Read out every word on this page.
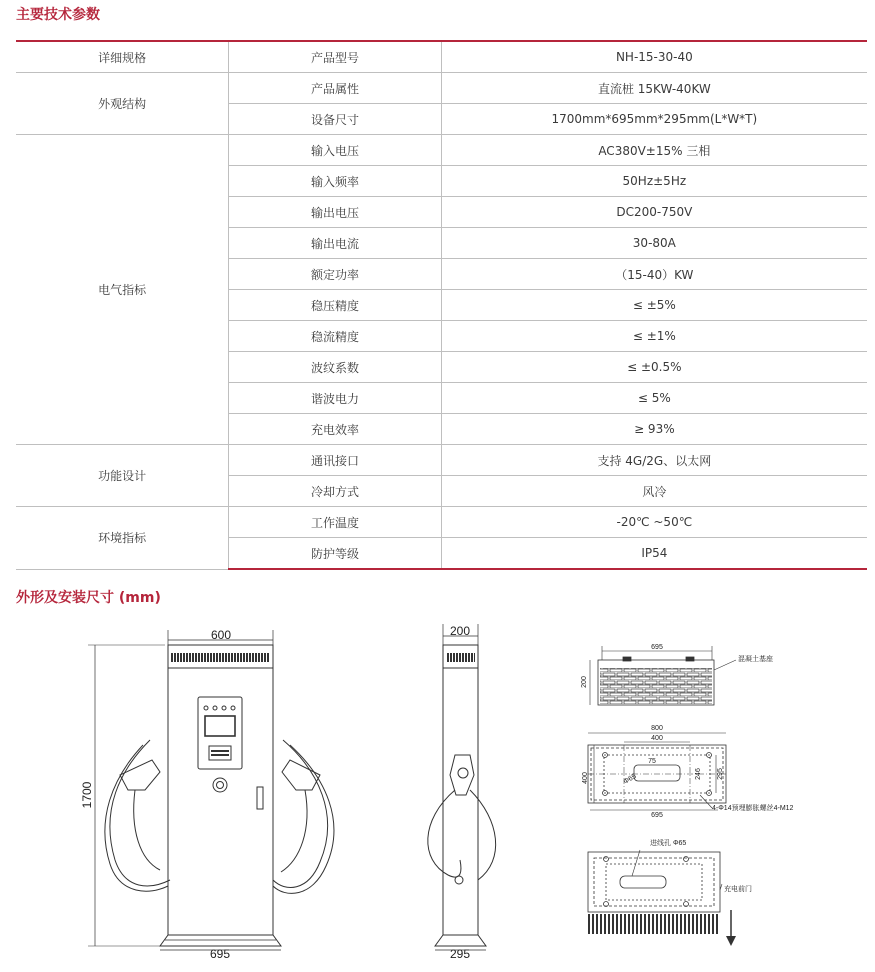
主要技术参数
详细规格	产品型号	NH-15-30-40
外观结构	产品属性	直流桩 15KW-40KW
	设备尺寸	1700mm*695mm*295mm(L*W*T)
电气指标	输入电压	AC380V±15% 三相
	输入频率	50Hz±5Hz
	输出电压	DC200-750V
	输出电流	30-80A
	额定功率	（15-40）KW
	稳压精度	≤ ±5%
	稳流精度	≤ ±1%
	波纹系数	≤ ±0.5%
	谐波电力	≤ 5%
	充电效率	≥ 93%
功能设计	通讯接口	支持 4G/2G、以太网
	冷却方式	风冷
环境指标	工作温度	-20℃ ~50℃
	防护等级	IP54
外形及安装尺寸 (mm)
600
1700
695
200
295
695
200
混凝土基座
800
400
75
Φ65
400	246 295
695
4-Φ14预埋膨胀螺丝4-M12
进线孔 Φ65
充电前门
